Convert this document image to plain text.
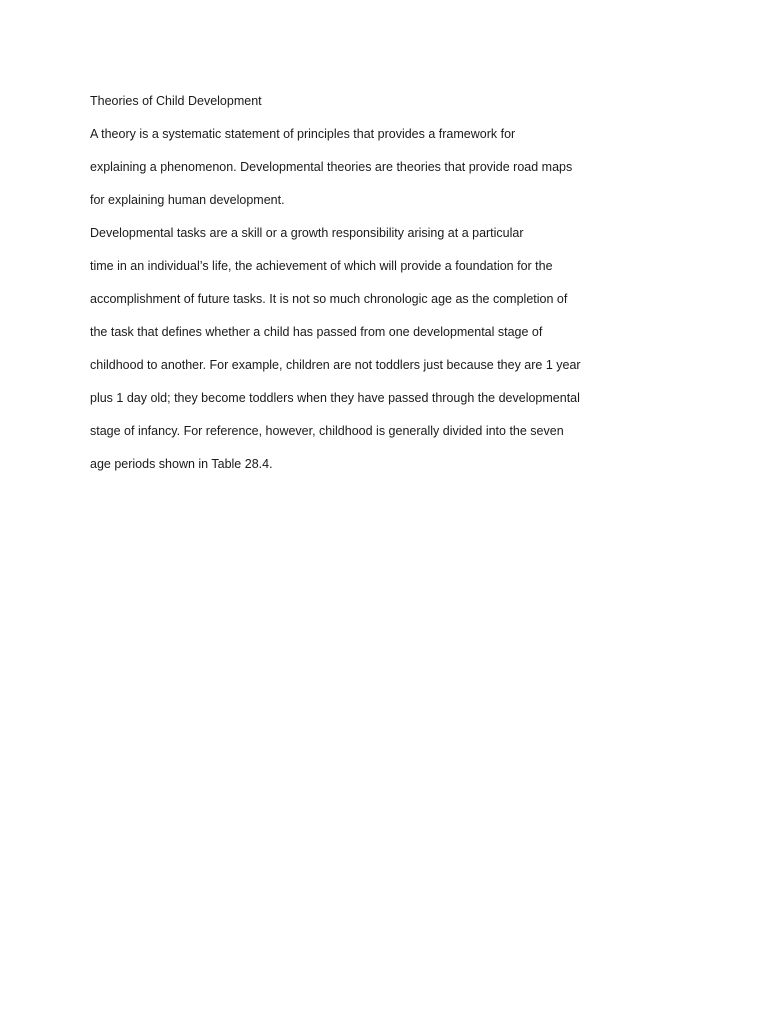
Theories of Child Development
A theory is a systematic statement of principles that provides a framework for
explaining a phenomenon. Developmental theories are theories that provide road maps
for explaining human development.
Developmental tasks are a skill or a growth responsibility arising at a particular
time in an individual’s life, the achievement of which will provide a foundation for the
accomplishment of future tasks. It is not so much chronologic age as the completion of
the task that defines whether a child has passed from one developmental stage of
childhood to another. For example, children are not toddlers just because they are 1 year
plus 1 day old; they become toddlers when they have passed through the developmental
stage of infancy. For reference, however, childhood is generally divided into the seven
age periods shown in Table 28.4.
